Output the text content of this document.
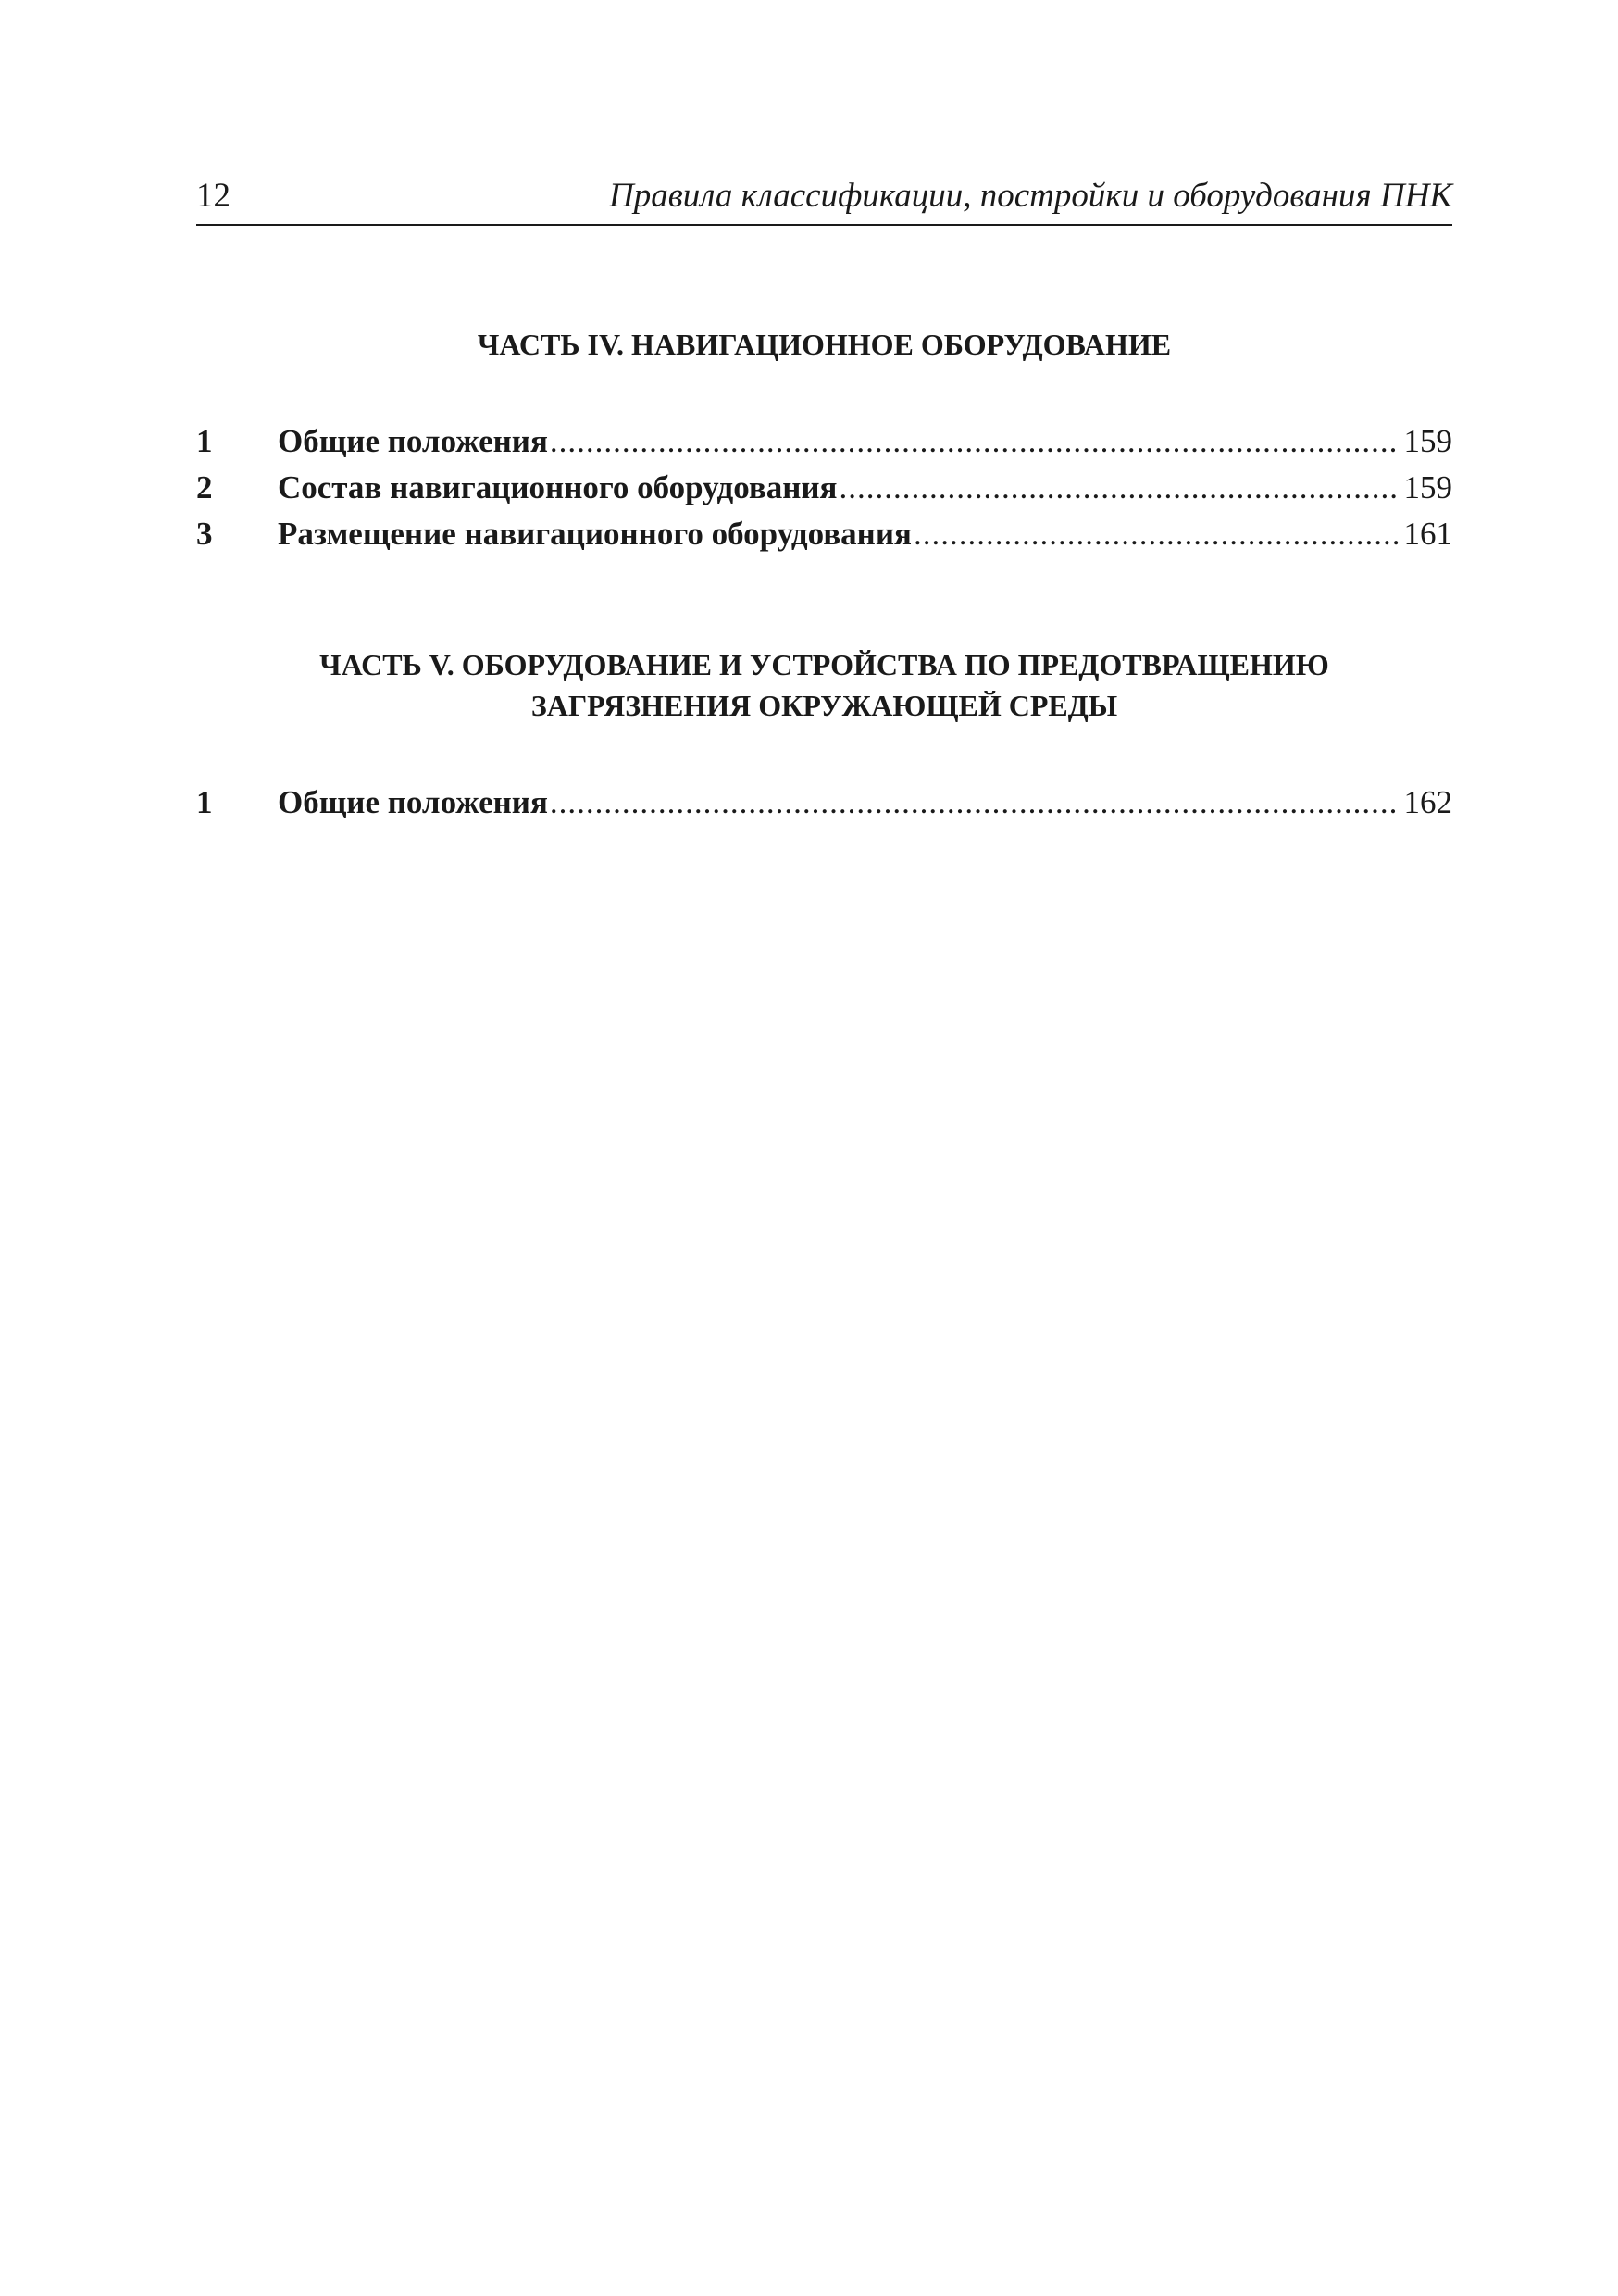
12	Правила классификации, постройки и оборудования ПНК
ЧАСТЬ IV. НАВИГАЦИОННОЕ ОБОРУДОВАНИЕ
1	Общие положения .....	159
2	Состав навигационного оборудования .....	159
3	Размещение навигационного оборудования .....	161
ЧАСТЬ V. ОБОРУДОВАНИЕ И УСТРОЙСТВА ПО ПРЕДОТВРАЩЕНИЮ
ЗАГРЯЗНЕНИЯ ОКРУЖАЮЩЕЙ СРЕДЫ
1	Общие положения .....	162
